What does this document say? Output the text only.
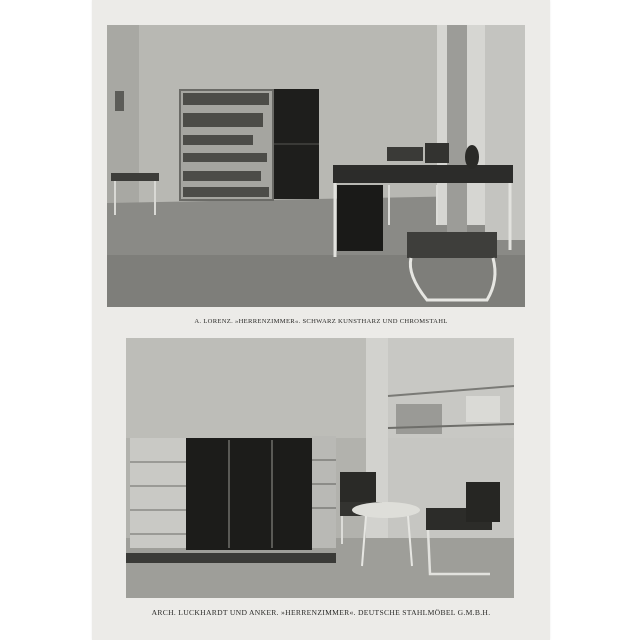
A. LORENZ. »HERRENZIMMER«. SCHWARZ KUNSTHARZ UND CHROMSTAHL
ARCH. LUCKHARDT UND ANKER. »HERRENZIMMER«. DEUTSCHE STAHLMÖBEL G.M.B.H.
